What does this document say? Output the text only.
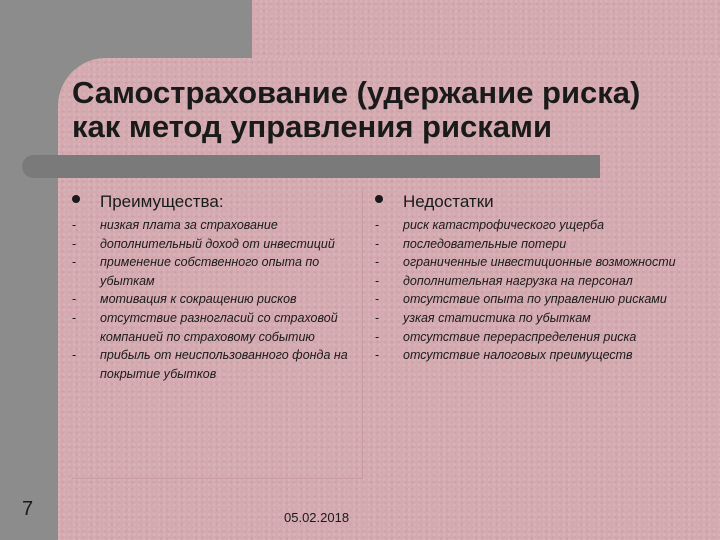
Самострахование (удержание риска) как метод управления рисками
Преимущества:
- низкая плата за страхование
- дополнительный доход от инвестиций
- применение собственного опыта по убыткам
- мотивация к сокращению рисков
- отсутствие разногласий со страховой компанией по страховому событию
- прибыль от неиспользованного фонда на покрытие убытков
Недостатки
- риск катастрофического ущерба
- последовательные потери
- ограниченные инвестиционные возможности
- дополнительная нагрузка на персонал
- отсутствие опыта по управлению рисками
- узкая статистика по убыткам
- отсутствие перераспределения риска
- отсутствие налоговых преимуществ
7	05.02.2018
